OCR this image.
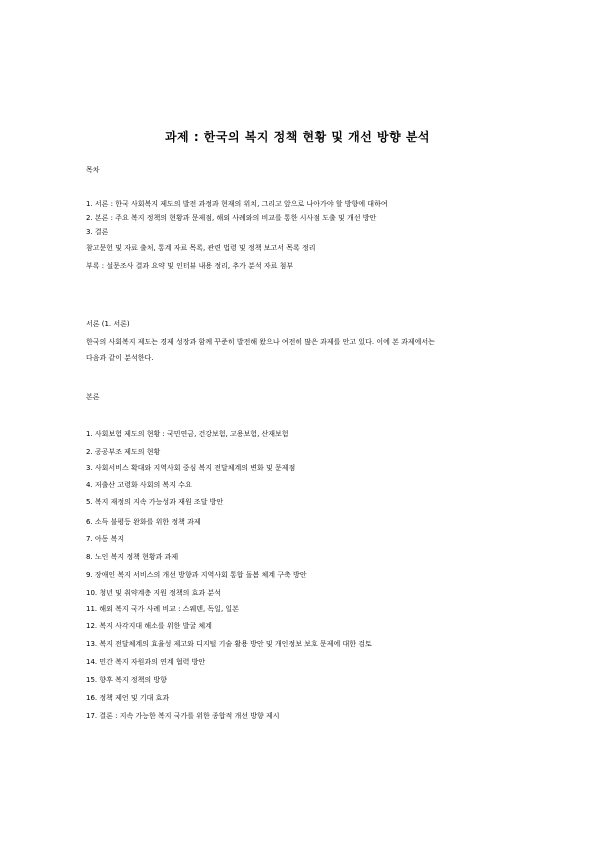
과제 : 한국의 복지 정책 현황 및 개선 방향 분석
목차
1. 서론 : 한국 사회복지 제도의 발전 과정과 현재의 위치, 그리고 앞으로 나아가야 할 방향에 대하여
2. 본론 : 주요 복지 정책의 현황과 문제점, 해외 사례와의 비교를 통한 시사점 도출 및 개선 방안
3. 결론
참고문헌 및 자료 출처, 통계 자료 목록, 관련 법령 및 정책 보고서 목록 정리
부록 : 설문조사 결과 요약 및 인터뷰 내용 정리, 추가 분석 자료 첨부
서론 (1. 서론)
한국의 사회복지 제도는 경제 성장과 함께 꾸준히 발전해 왔으나 여전히 많은 과제를 안고 있다. 이에 본 과제에서는
다음과 같이 분석한다.
본론
1. 사회보험 제도의 현황 : 국민연금, 건강보험, 고용보험, 산재보험
2. 공공부조 제도의 현황
3. 사회서비스 확대와 지역사회 중심 복지 전달체계의 변화 및 문제점
4. 저출산 고령화 사회의 복지 수요
5. 복지 재정의 지속 가능성과 재원 조달 방안
6. 소득 불평등 완화를 위한 정책 과제
7. 아동 복지
8. 노인 복지 정책 현황과 과제
9. 장애인 복지 서비스의 개선 방향과 지역사회 통합 돌봄 체계 구축 방안
10. 청년 및 취약계층 지원 정책의 효과 분석
11. 해외 복지 국가 사례 비교 : 스웨덴, 독일, 일본
12. 복지 사각지대 해소를 위한 발굴 체계
13. 복지 전달체계의 효율성 제고와 디지털 기술 활용 방안 및 개인정보 보호 문제에 대한 검토
14. 민간 복지 자원과의 연계 협력 방안
15. 향후 복지 정책의 방향
16. 정책 제언 및 기대 효과
17. 결론 : 지속 가능한 복지 국가를 위한 종합적 개선 방향 제시
